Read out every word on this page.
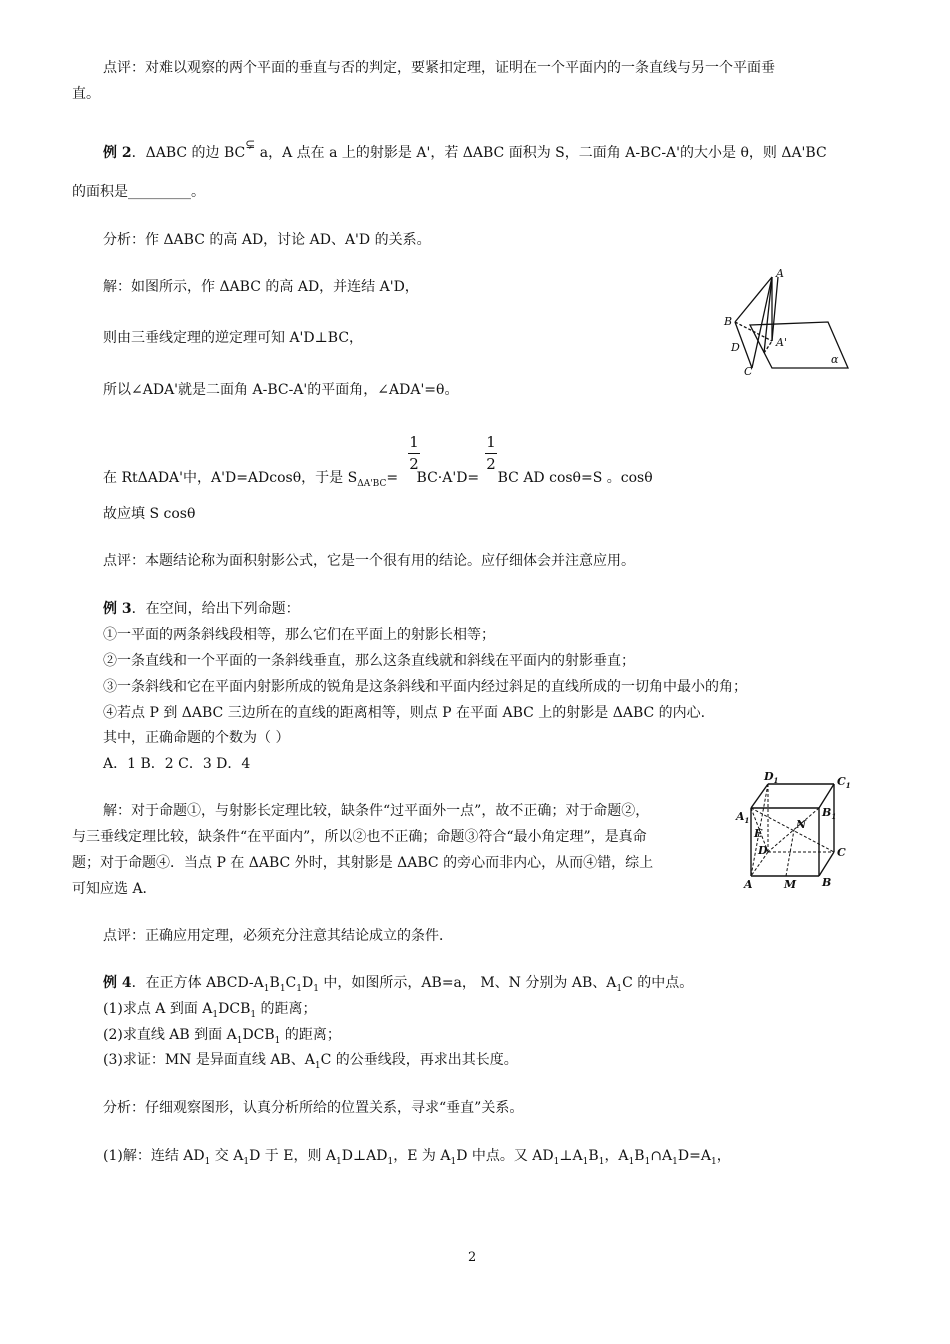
点评：对难以观察的两个平面的垂直与否的判定，要紧扣定理，证明在一个平面内的一条直线与另一个平面垂
直。
例 2．ΔABC 的边 BC⊊ a，A 点在 a 上的射影是 A'，若 ΔABC 面积为 S，二面角 A-BC-A'的大小是 θ，则 ΔA'BC
的面积是_________。
分析：作 ΔABC 的高 AD，讨论 AD、A'D 的关系。
解：如图所示，作 ΔABC 的高 AD，并连结 A'D，
则由三垂线定理的逆定理可知 A'D⊥BC，
所以∠ADA'就是二面角 A-BC-A'的平面角，∠ADA'=θ。
A
B
D	A'
C
α
1
2
1
2
在 RtΔADA'中，A'D=ADcosθ，于是 $S_{\Delta A'BC}= BC\cdot A'D=$ BC AD cosθ=S 。cosθ
故应填 S cosθ
点评：本题结论称为面积射影公式，它是一个很有用的结论。应仔细体会并注意应用。
例 3．在空间，给出下列命题：
①一平面的两条斜线段相等，那么它们在平面上的射影长相等；
②一条直线和一个平面的一条斜线垂直，那么这条直线就和斜线在平面内的射影垂直；
③一条斜线和它在平面内射影所成的锐角是这条斜线和平面内经过斜足的直线所成的一切角中最小的角；
④若点 P 到 ΔABC 三边所在的直线的距离相等，则点 P 在平面 ABC 上的射影是 ΔABC 的内心.
其中，正确命题的个数为（ ）
A．1 B．2 C．3 D．4
解：对于命题①，与射影长定理比较，缺条件“过平面外一点”，故不正确；对于命题②，
与三垂线定理比较，缺条件“在平面内”，所以②也不正确；命题③符合“最小角定理”，是真命
题；对于命题④．当点 P 在 ΔABC 外时，其射影是 ΔABC 的旁心而非内心，从而④错，综上
可知应选 A．
$D_1$	$C_1$
$A_1$
$B_1$
N
E
D	C
A	M B
点评：正确应用定理，必须充分注意其结论成立的条件．
例 4．在正方体 ABCD-$A_1B_1C_1D_1$ 中，如图所示，AB=a， M、N 分别为 AB、$A_1C$ 的中点。
(1)求点 A 到面 $A_1DCB_1$ 的距离；
(2)求直线 AB 到面 $A_1DCB_1$ 的距离；
(3)求证：MN 是异面直线 AB、$A_1C$ 的公垂线段，再求出其长度。
分析：仔细观察图形，认真分析所给的位置关系，寻求“垂直”关系。
(1)解：连结 $AD_1$ 交 $A_1D$ 于 E，则 $A_1D\perp AD_1$，E 为 $A_1D$ 中点。又 $AD_1\perp A_1B_1$，$A_1B_1\cap A_1D=A_1$，
2
